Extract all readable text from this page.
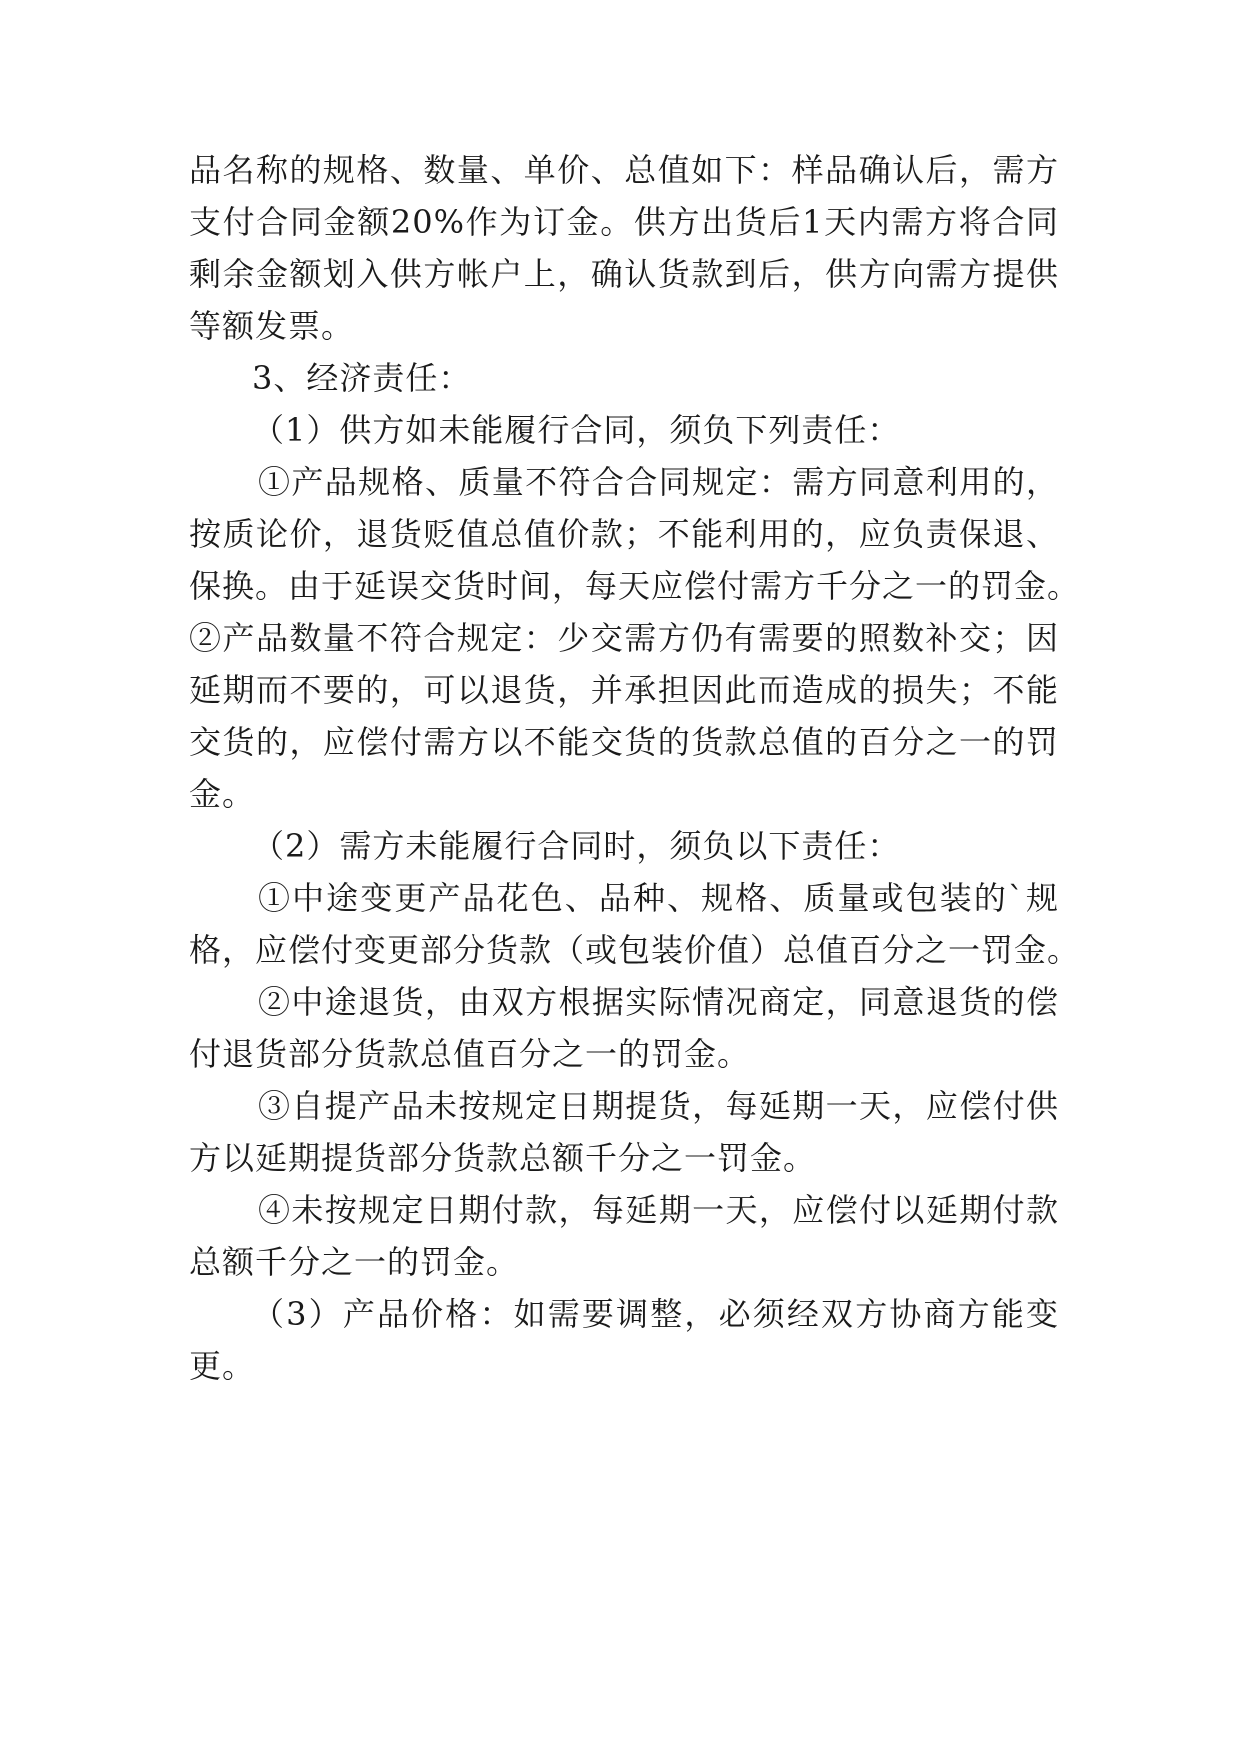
品名称的规格、数量、单价、总值如下：样品确认后，需方
支付合同金额20%作为订金。供方出货后1天内需方将合同
剩余金额划入供方帐户上，确认货款到后，供方向需方提供
等额发票。
3、经济责任：
（1）供方如未能履行合同，须负下列责任：
①产品规格、质量不符合合同规定：需方同意利用的，
按质论价，退货贬值总值价款；不能利用的，应负责保退、
保换。由于延误交货时间，每天应偿付需方千分之一的罚金。
②产品数量不符合规定：少交需方仍有需要的照数补交；因
延期而不要的，可以退货，并承担因此而造成的损失；不能
交货的，应偿付需方以不能交货的货款总值的百分之一的罚
金。
（2）需方未能履行合同时，须负以下责任：
①中途变更产品花色、品种、规格、质量或包装的`规
格，应偿付变更部分货款（或包装价值）总值百分之一罚金。
②中途退货，由双方根据实际情况商定，同意退货的偿
付退货部分货款总值百分之一的罚金。
③自提产品未按规定日期提货，每延期一天，应偿付供
方以延期提货部分货款总额千分之一罚金。
④未按规定日期付款，每延期一天，应偿付以延期付款
总额千分之一的罚金。
（3）产品价格：如需要调整，必须经双方协商方能变
更。
